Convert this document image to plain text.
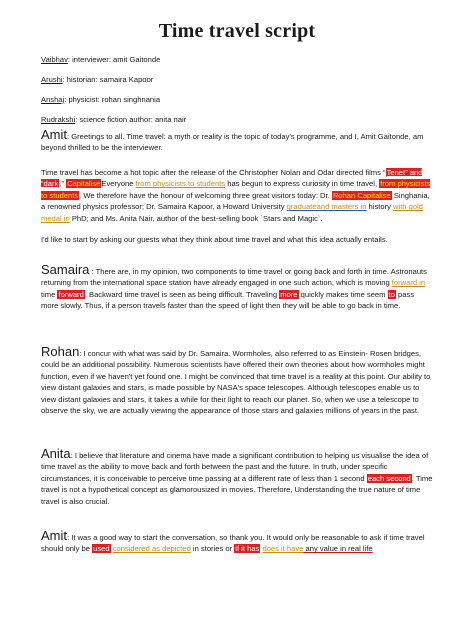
Time travel script
Vaibhav: interviewer: amit Gaitonde
Arushi: historian: samaira Kapoor
Anshaj: physicist: rohan singhnania
Rudrakshi: science fiction author: anita nair

Amit: Greetings to all. Time travel: a myth or reality is the topic of today's programme, and I, Amit Gaitonde, am beyond thrilled to be the interviewer.

Time travel has become a hot topic after the release of the Christopher Nolan and Odar directed films “Tenet” and “dark.” CapitaliseEveryone from physicists to students has begun to express curiosity in time travel, from physicists to students. We therefore have the honour of welcoming three great visitors today: Dr. Rohan Capitalise Singhania, a renowned physics professor; Dr. Samaira Kapoor, a Howard University graduateand masters in history with gold medal in PhD; and Ms. Anita Nair, author of the best-selling book `Stars and Magic`.

I'd like to start by asking our guests what they think about time travel and what this idea actually entails.

Samaira : There are, in my opinion, two components to time travel or going back and forth in time. Astronauts returning from the international space station have already engaged in one such action, which is moving forward in time forward. Backward time travel is seen as being difficult. Traveling more quickly makes time seem to pass more slowly. Thus, if a person travels faster than the speed of light then they will be able to go back in time.

Rohan: I concur with what was said by Dr. Samaira. Wormholes, also referred to as Einstein- Rosen bridges, could be an additional possibility. Numerous scientists have offered their own theories about how wormholes might function, even if we haven't yet found one. I might be convinced that time travel is a reality at this point. Our ability to view distant galaxies and stars, is made possible by NASA's space telescopes. Although telescopes enable us to view distant galaxies and stars, it takes a while for their light to reach our planet. So, when we use a telescope to observe the sky, we are actually viewing the appearance of those stars and galaxies millions of years in the past.

Anita: I believe that literature and cinema have made a significant contribution to helping us visualise the idea of time travel as the ability to move back and forth between the past and the future. In truth, under specific circumstances, it is conceivable to perceive time passing at a different rate of less than 1 second each second. Time travel is not a hypothetical concept as glamorousized in movies. Therefore, Understanding the true nature of time travel is also crucial.

Amit: It was a good way to start the conversation, so thank you. It would only be reasonable to ask if time travel should only be used considered as depicted in stories or if it has does it have any value in real life
